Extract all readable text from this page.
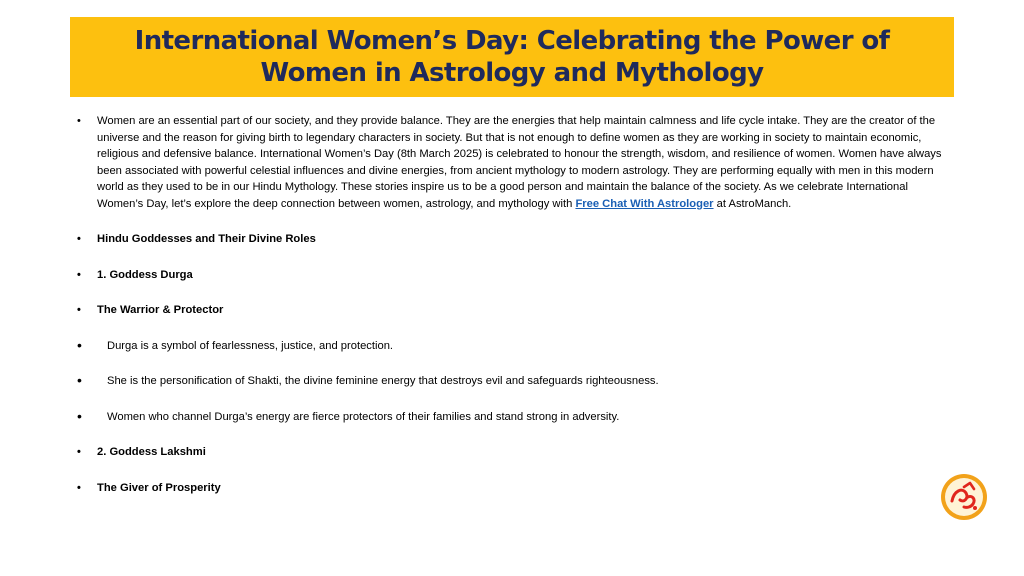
International Women’s Day: Celebrating the Power of Women in Astrology and Mythology
• Women are an essential part of our society, and they provide balance. They are the energies that help maintain calmness and life cycle intake. They are the creator of the universe and the reason for giving birth to legendary characters in society. But that is not enough to define women as they are working in society to maintain economic, religious and defensive balance. International Women’s Day (8th March 2025) is celebrated to honour the strength, wisdom, and resilience of women. Women have always been associated with powerful celestial influences and divine energies, from ancient mythology to modern astrology. They are performing equally with men in this modern world as they used to be in our Hindu Mythology. These stories inspire us to be a good person and maintain the balance of the society. As we celebrate International Women’s Day, let’s explore the deep connection between women, astrology, and mythology with Free Chat With Astrologer at AstroManch.

• Hindu Goddesses and Their Divine Roles
• 1. Goddess Durga
• The Warrior & Protector
• Durga is a symbol of fearlessness, justice, and protection.
• She is the personification of Shakti, the divine feminine energy that destroys evil and safeguards righteousness.
• Women who channel Durga’s energy are fierce protectors of their families and stand strong in adversity.
• 2. Goddess Lakshmi
• The Giver of Prosperity
